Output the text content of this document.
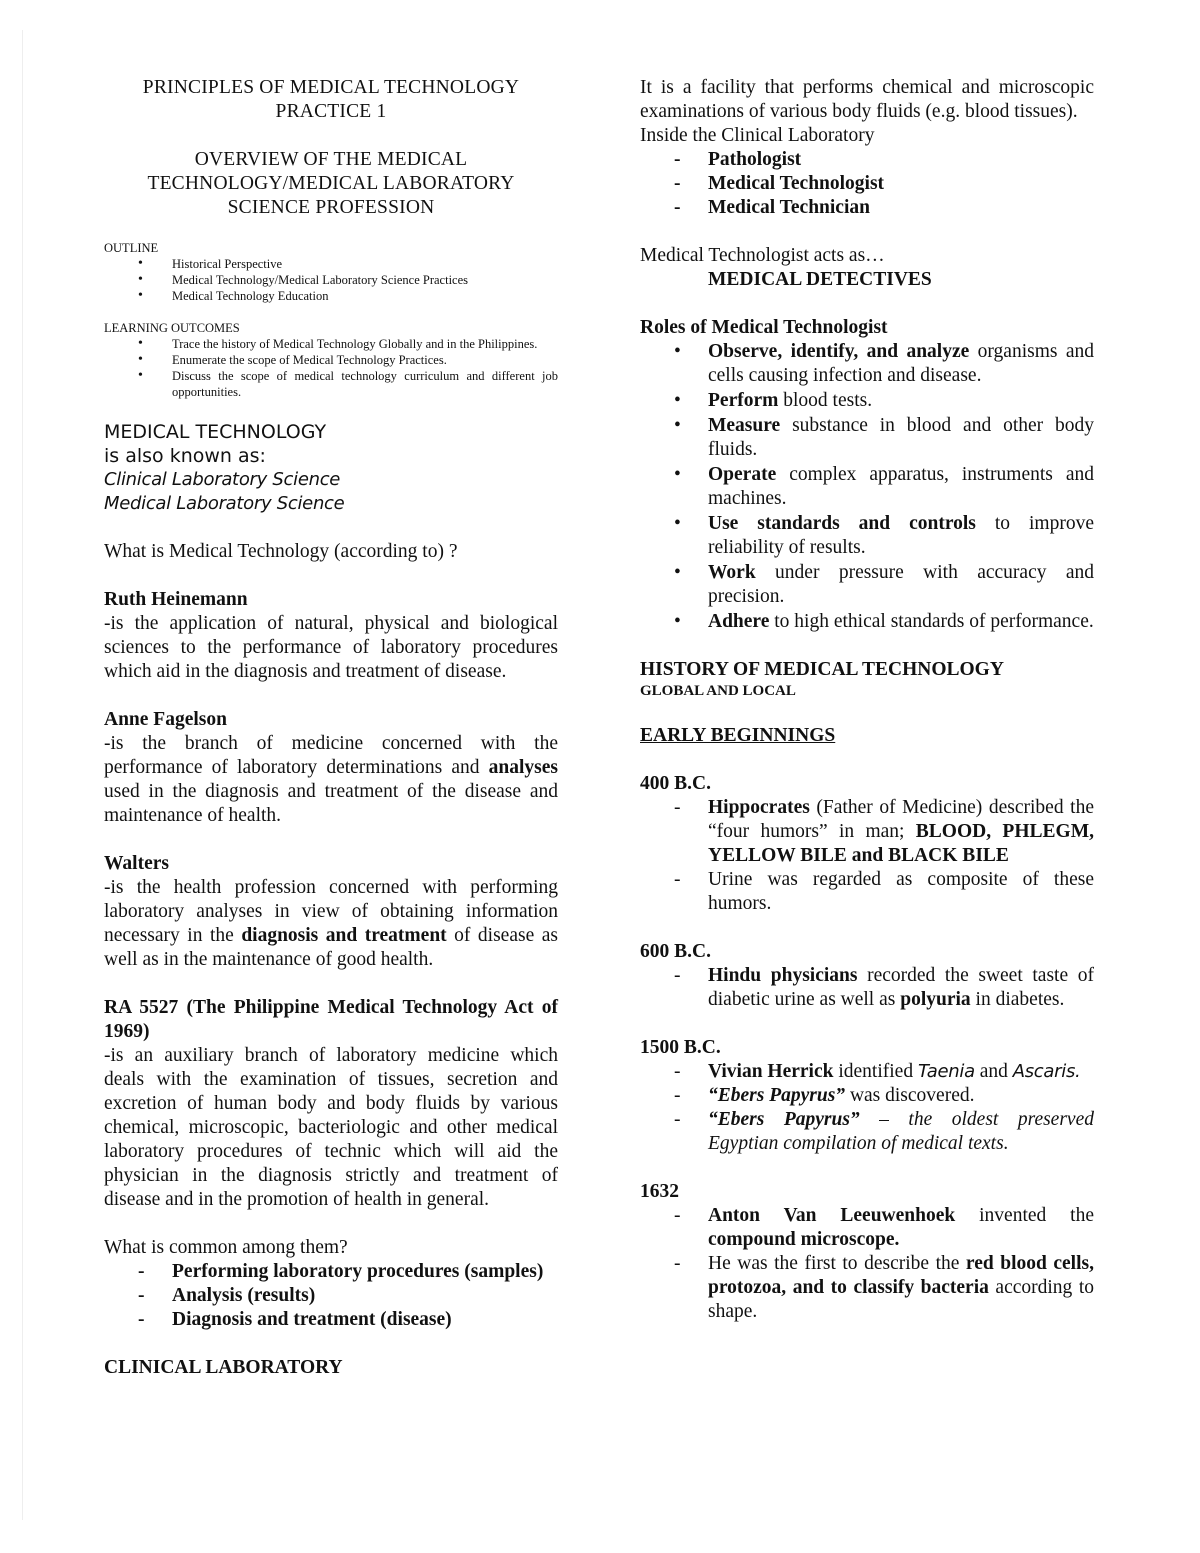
PRINCIPLES OF MEDICAL TECHNOLOGY

PRACTICE 1

OVERVIEW OF THE MEDICAL

TECHNOLOGY/MEDICAL LABORATORY

SCIENCE PROFESSION

OUTLINE

• Historical Perspective
• Medical Technology/Medical Laboratory Science Practices
• Medical Technology Education

LEARNING OUTCOMES

• Trace the history of Medical Technology Globally and in the Philippines.
• Enumerate the scope of Medical Technology Practices.
• Discuss the scope of medical technology curriculum and different job opportunities.

MEDICAL TECHNOLOGY

is also known as:

Clinical Laboratory Science

Medical Laboratory Science

What is Medical Technology (according to) ?

Ruth Heinemann

-is the application of natural, physical and biological sciences to the performance of laboratory procedures which aid in the diagnosis and treatment of disease.

Anne Fagelson

-is the branch of medicine concerned with the performance of laboratory determinations and analyses used in the diagnosis and treatment of the disease and maintenance of health.

Walters

-is the health profession concerned with performing laboratory analyses in view of obtaining information necessary in the diagnosis and treatment of disease as well as in the maintenance of good health.

RA 5527 (The Philippine Medical Technology Act of 1969)

-is an auxiliary branch of laboratory medicine which deals with the examination of tissues, secretion and excretion of human body and body fluids by various chemical, microscopic, bacteriologic and other medical laboratory procedures of technic which will aid the physician in the diagnosis strictly and treatment of disease and in the promotion of health in general.

What is common among them?

- Performing laboratory procedures (samples)
- Analysis (results)
- Diagnosis and treatment (disease)

CLINICAL LABORATORY

It is a facility that performs chemical and microscopic examinations of various body fluids (e.g. blood tissues).

Inside the Clinical Laboratory

- Pathologist
- Medical Technologist
- Medical Technician

Medical Technologist acts as…

MEDICAL DETECTIVES

Roles of Medical Technologist

• Observe, identify, and analyze organisms and cells causing infection and disease.
• Perform blood tests.
• Measure substance in blood and other body fluids.
• Operate complex apparatus, instruments and machines.
• Use standards and controls to improve reliability of results.
• Work under pressure with accuracy and precision.
• Adhere to high ethical standards of performance.

HISTORY OF MEDICAL TECHNOLOGY

GLOBAL AND LOCAL

EARLY BEGINNINGS

400 B.C.

- Hippocrates (Father of Medicine) described the “four humors” in man; BLOOD, PHLEGM, YELLOW BILE and BLACK BILE
- Urine was regarded as composite of these humors.

600 B.C.

- Hindu physicians recorded the sweet taste of diabetic urine as well as polyuria in diabetes.

1500 B.C.

- Vivian Herrick identified Taenia and Ascaris.
- “Ebers Papyrus” was discovered.
- “Ebers Papyrus” – the oldest preserved Egyptian compilation of medical texts.

1632

- Anton Van Leeuwenhoek invented the compound microscope.
- He was the first to describe the red blood cells, protozoa, and to classify bacteria according to shape.
